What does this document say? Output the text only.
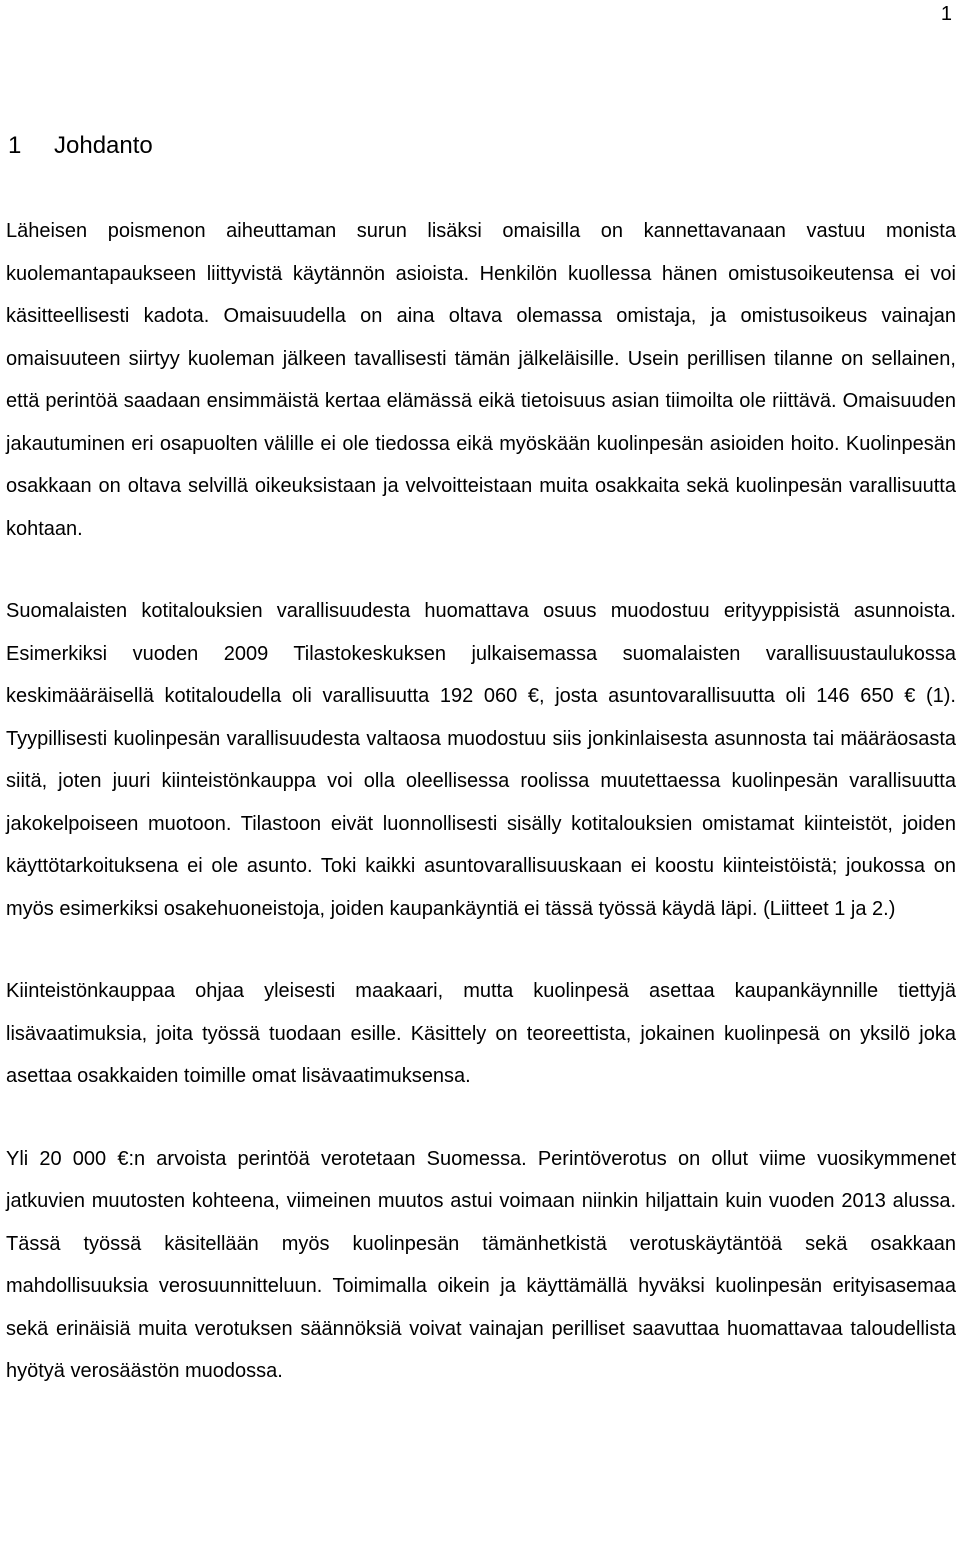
1
1 Johdanto

Läheisen poismenon aiheuttaman surun lisäksi omaisilla on kannettavanaan vastuu monista kuolemantapaukseen liittyvistä käytännön asioista. Henkilön kuollessa hänen omistusoikeutensa ei voi käsitteellisesti kadota. Omaisuudella on aina oltava olemassa omistaja, ja omistusoikeus vainajan omaisuuteen siirtyy kuoleman jälkeen tavallisesti tämän jälkeläisille. Usein perillisen tilanne on sellainen, että perintöä saadaan ensimmäistä kertaa elämässä eikä tietoisuus asian tiimoilta ole riittävä. Omaisuuden jakautuminen eri osapuolten välille ei ole tiedossa eikä myöskään kuolinpesän asioiden hoito. Kuolinpesän osakkaan on oltava selvillä oikeuksistaan ja velvoitteistaan muita osakkaita sekä kuolinpesän varallisuutta kohtaan.

Suomalaisten kotitalouksien varallisuudesta huomattava osuus muodostuu erityyppisistä asunnoista. Esimerkiksi vuoden 2009 Tilastokeskuksen julkaisemassa suomalaisten varallisuustaulukossa keskimääräisellä kotitaloudella oli varallisuutta 192 060 €, josta asuntovarallisuutta oli 146 650 € (1). Tyypillisesti kuolinpesän varallisuudesta valtaosa muodostuu siis jonkinlaisesta asunnosta tai määräosasta siitä, joten juuri kiinteistönkauppa voi olla oleellisessa roolissa muutettaessa kuolinpesän varallisuutta jakokelpoiseen muotoon. Tilastoon eivät luonnollisesti sisälly kotitalouksien omistamat kiinteistöt, joiden käyttötarkoituksena ei ole asunto. Toki kaikki asuntovarallisuuskaan ei koostu kiinteistöistä; joukossa on myös esimerkiksi osakehuoneistoja, joiden kaupankäyntiä ei tässä työssä käydä läpi. (Liitteet 1 ja 2.)

Kiinteistönkauppaa ohjaa yleisesti maakaari, mutta kuolinpesä asettaa kaupankäynnille tiettyjä lisävaatimuksia, joita työssä tuodaan esille. Käsittely on teoreettista, jokainen kuolinpesä on yksilö joka asettaa osakkaiden toimille omat lisävaatimuksensa.

Yli 20 000 €:n arvoista perintöä verotetaan Suomessa. Perintöverotus on ollut viime vuosikymmenet jatkuvien muutosten kohteena, viimeinen muutos astui voimaan niinkin hiljattain kuin vuoden 2013 alussa. Tässä työssä käsitellään myös kuolinpesän tämänhetkistä verotuskäytäntöä sekä osakkaan mahdollisuuksia verosuunnitteluun. Toimimalla oikein ja käyttämällä hyväksi kuolinpesän erityisasemaa sekä erinäisiä muita verotuksen säännöksiä voivat vainajan perilliset saavuttaa huomattavaa taloudellista hyötyä verosäästön muodossa.
